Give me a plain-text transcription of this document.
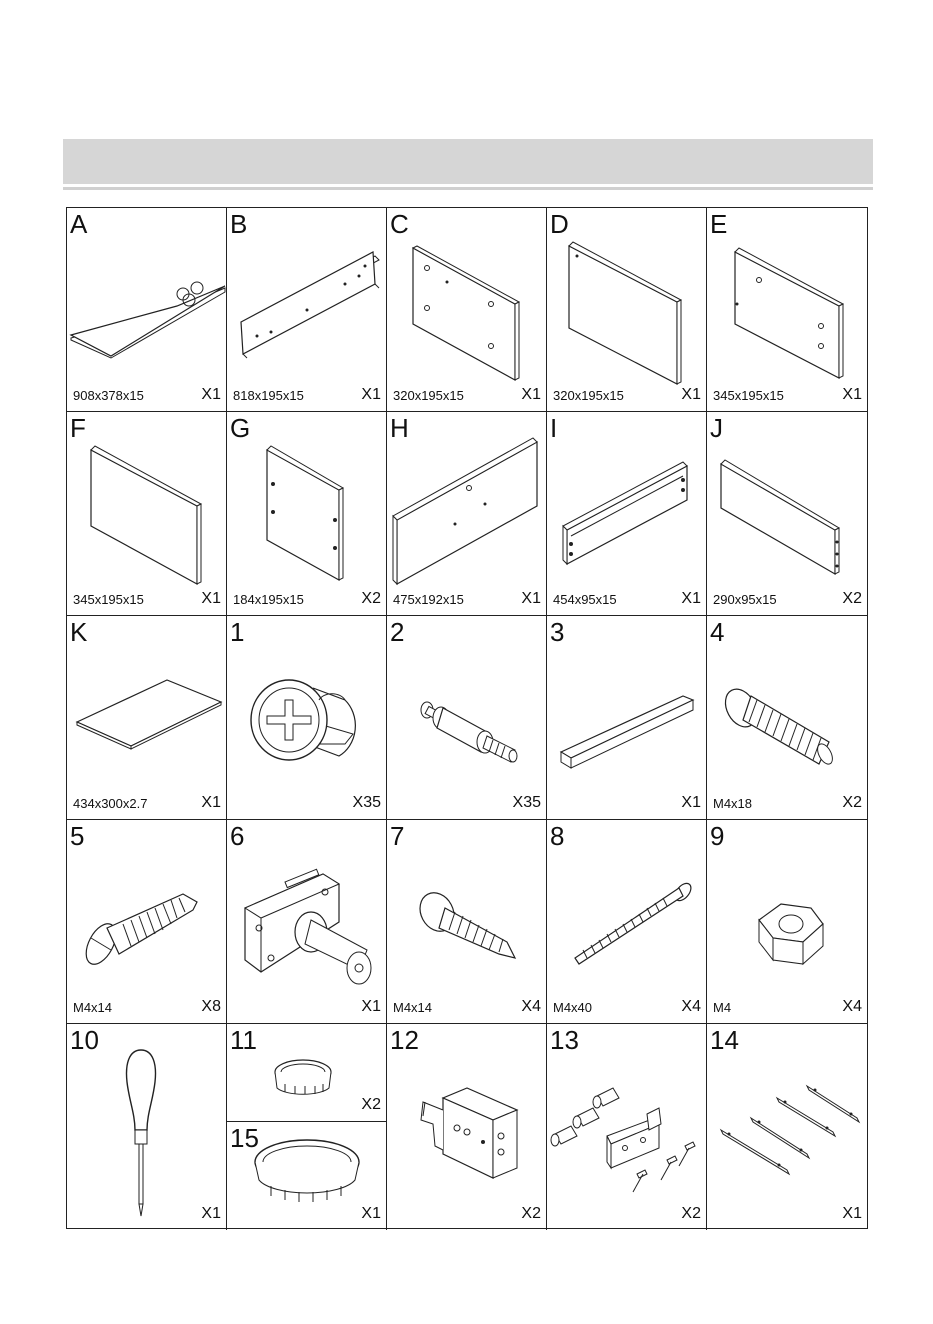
A
908x378x15	X1
B
818x195x15	X1
C
320x195x15	X1
D
320x195x15	X1
E
345x195x15	X1
F
345x195x15	X1
G
184x195x15	X2
H
475x192x15	X1
I
454x95x15	X1
J
290x95x15	X2
K
434x300x2.7	X1
1
X35
2
X35
3
X1
4
M4x18	X2
5
M4x14	X8
6
X1
7
M4x14	X4
8
M4x40	X4
9
M4	X4
10
X1
11
X2
15
X1
12
X2
13
X2
14
X1
